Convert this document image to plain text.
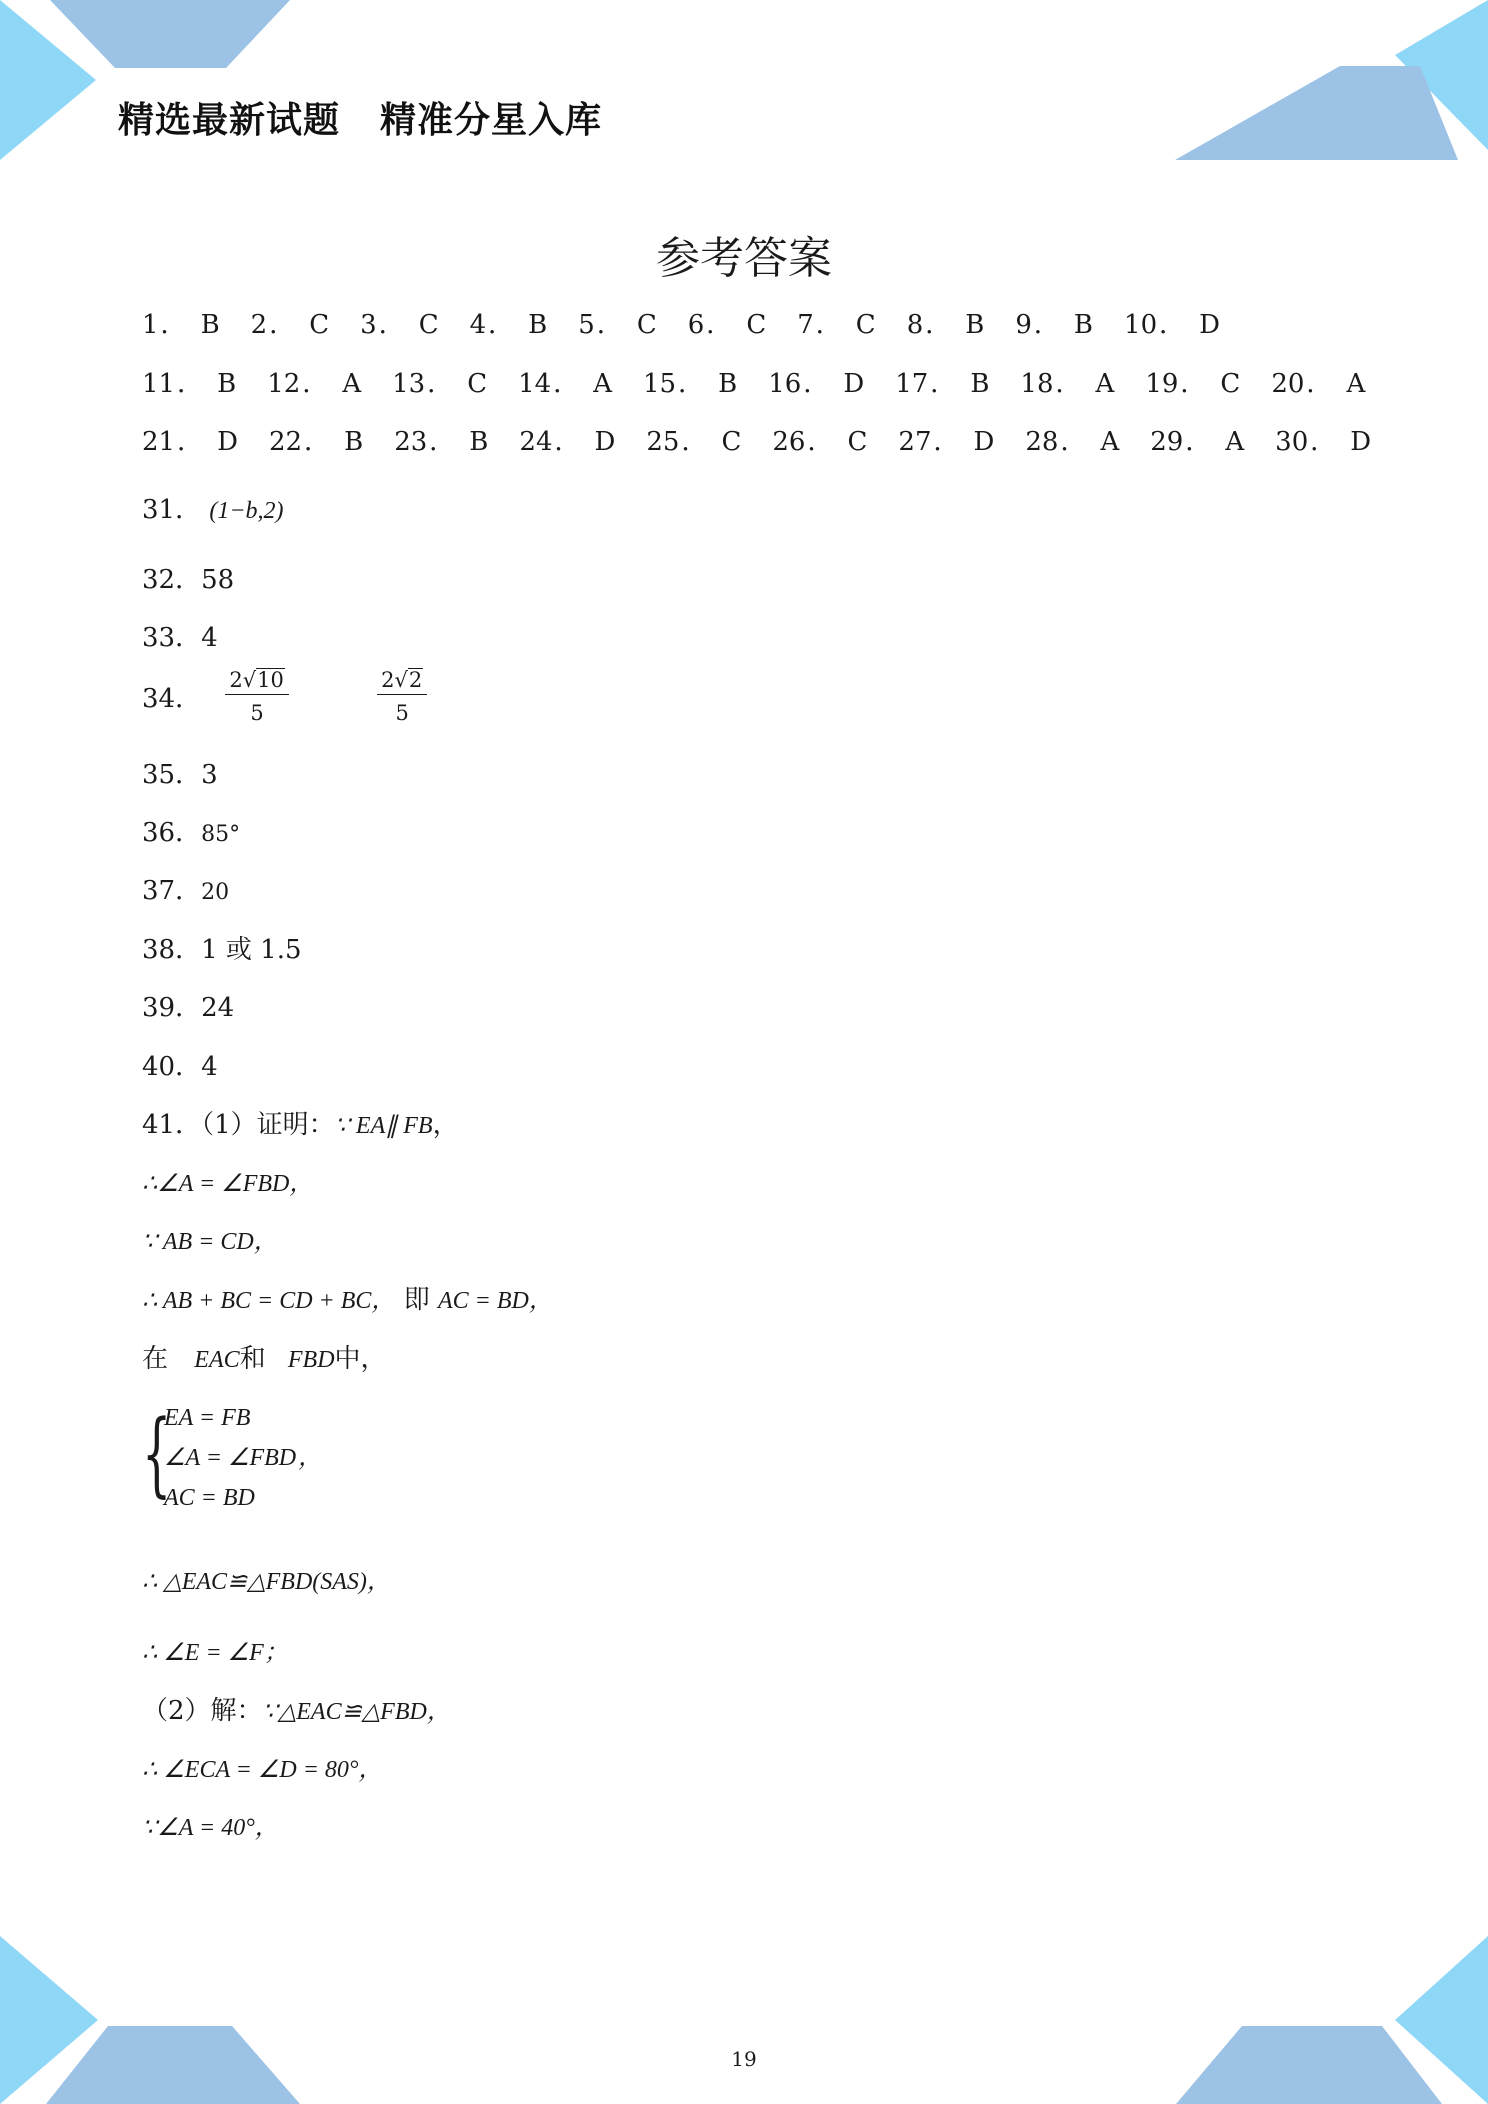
精选最新试题 精准分星入库
参考答案
1． B 2． C 3． C 4． B 5． C 6． C 7． C 8． B 9． B 10． D
11． B 12． A 13． C 14． A 15． B 16． D 17． B 18． A 19． C 20． A
21． D 22． B 23． B 24． D 25． C 26． C 27． D 28． A 29． A 30． D
31． (1−b,2)
32．58
33．4
34． $\frac{2 √ 10}{5}$
	$\frac{2 √ 2}{5}$
35．3
36．85°
37．20
38．1 或 1.5
39．24
40．4
41．（1）证明：∵ EA∥ FB，
∴∠A = ∠FBD，
∵ AB = CD，
∴ AB + BC = CD + BC， 即 AC = BD，
在 EAC和 FBD中，
{
EA = FB
∠A = ∠FBD，
AC = BD
∴ △EAC≌△FBD(SAS)，
∴ ∠E = ∠F；
（2）解：∵△EAC≌△FBD，
∴ ∠ECA = ∠D = 80°，
∵∠A = 40°，
19
